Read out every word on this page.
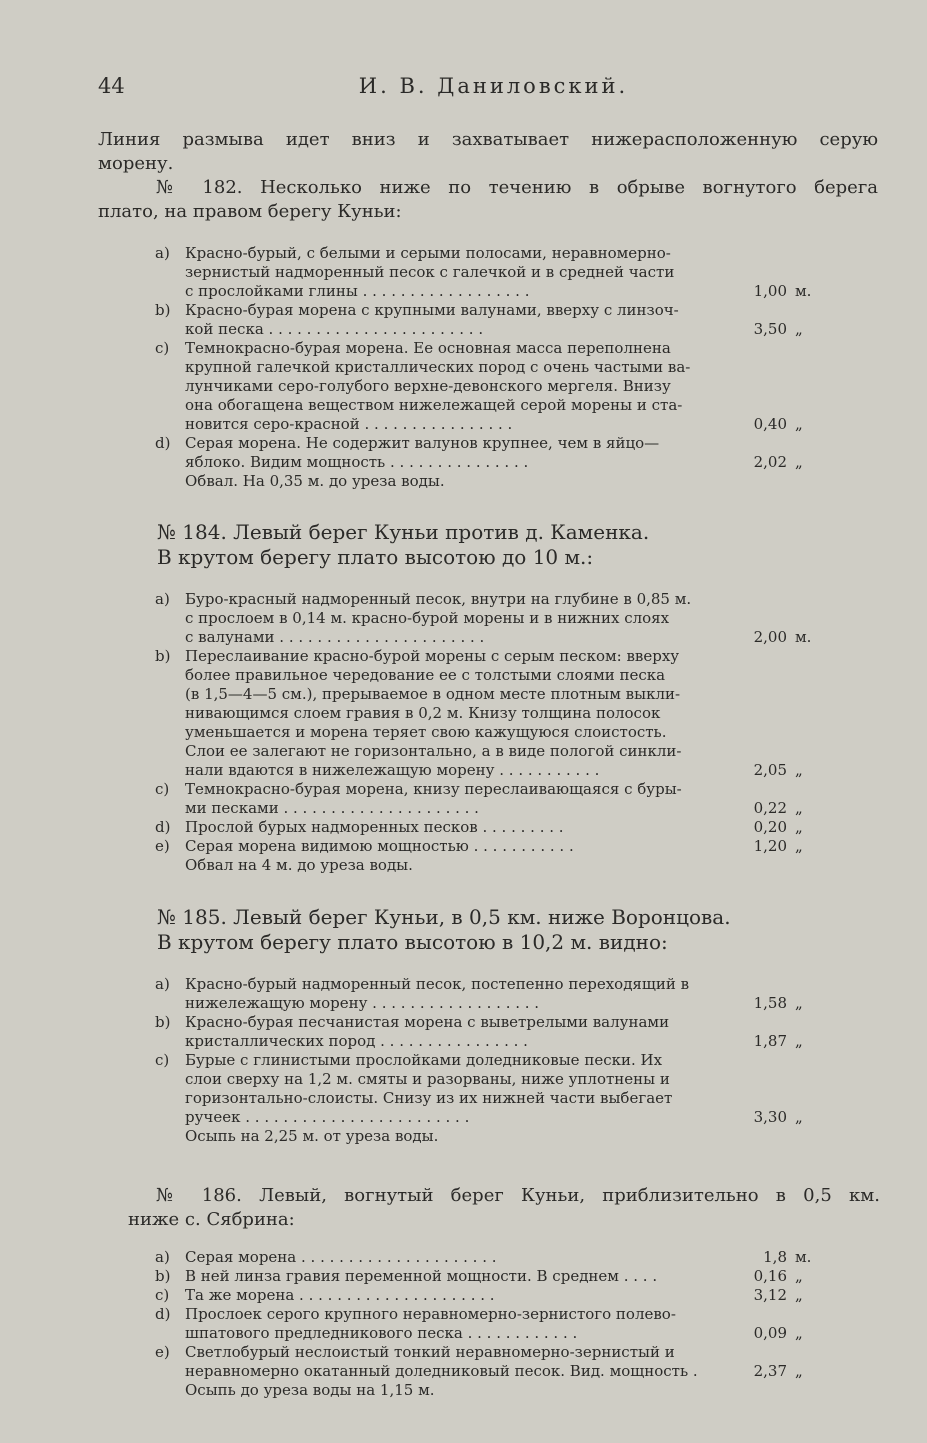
44	И. В. Даниловский.
Линия размыва идет вниз и захватывает нижерасположенную серую
морену.
№ 182. Несколько ниже по течению в обрыве вогнутого берега
плато, на правом берегу Куньи:
a)	Красно-бурый, с белыми и серыми полосами, неравномерно-
зернистый надморенный песок с галечкой и в средней части
с прослойками глины . . . . . . . . . . . . . . . . . .	1,00 м.
b) Красно-бурая морена с крупными валунами, вверху с линзоч-
кой песка . . . . . . . . . . . . . . . . . . . . . . .	3,50 „
c)	Темнокрасно-бурая морена. Ее основная масса переполнена
крупной галечкой кристаллических пород с очень частыми ва-
лунчиками серо-голубого верхне-девонского мергеля. Внизу
она обогащена веществом нижележащей серой морены и ста-
новится серо-красной . . . . . . . . . . . . . . . .	0,40 „
d) Серая морена. Не содержит валунов крупнее, чем в яйцо—
яблоко. Видим мощность . . . . . . . . . . . . . . .	2,02 „
Обвал. На 0,35 м. до уреза воды.
№ 184. Левый берег Куньи против д. Каменка.
В крутом берегу плато высотою до 10 м.:
a)	Буро-красный надморенный песок, внутри на глубине в 0,85 м.
с прослоем в 0,14 м. красно-бурой морены и в нижних слоях
с валунами . . . . . . . . . . . . . . . . . . . . . .	2,00 м.
b) Переслаивание красно-бурой морены с серым песком: вверху
более правильное чередование ее с толстыми слоями песка
(в 1,5—4—5 см.), прерываемое в одном месте плотным выкли-
нивающимся слоем гравия в 0,2 м. Книзу толщина полосок
уменьшается и морена теряет свою кажущуюся слоистость.
Слои ее залегают не горизонтально, а в виде пологой синкли-
нали вдаются в нижележащую морену . . . . . . . . . . .	2,05 „
c)	Темнокрасно-бурая морена, книзу переслаивающаяся с буры-
ми песками . . . . . . . . . . . . . . . . . . . . .	0,22 „
d) Прослой бурых надморенных песков . . . . . . . . .	0,20 „
e)	Серая морена видимою мощностью . . . . . . . . . . .	1,20 „
Обвал на 4 м. до уреза воды.
№ 185. Левый берег Куньи, в 0,5 км. ниже Воронцова.
В крутом берегу плато высотою в 10,2 м. видно:
a)	Красно-бурый надморенный песок, постепенно переходящий в
нижележащую морену . . . . . . . . . . . . . . . . . .	1,58 „
b) Красно-бурая песчанистая морена с выветрелыми валунами
кристаллических пород . . . . . . . . . . . . . . . .	1,87 „
c)	Бурые с глинистыми прослойками доледниковые пески. Их
слои сверху на 1,2 м. смяты и разорваны, ниже уплотнены и
горизонтально-слоисты. Снизу из их нижней части выбегает
ручеек . . . . . . . . . . . . . . . . . . . . . . . .	3,30 „
Осыпь на 2,25 м. от уреза воды.
№ 186. Левый, вогнутый берег Куньи, приблизительно в 0,5 км.
ниже с. Сябрина:
a)	Серая морена . . . . . . . . . . . . . . . . . . . . .	1,8 м.
b) В ней линза гравия переменной мощности. В среднем . . . .	0,16 „
c)	Та же морена . . . . . . . . . . . . . . . . . . . . .	3,12 „
d) Прослоек серого крупного неравномерно-зернистого полево-
шпатового предледникового песка . . . . . . . . . . . .	0,09 „
e)	Светлобурый неслоистый тонкий неравномерно-зернистый и
неравномерно окатанный доледниковый песок. Вид. мощность .	2,37 „
Осыпь до уреза воды на 1,15 м.
